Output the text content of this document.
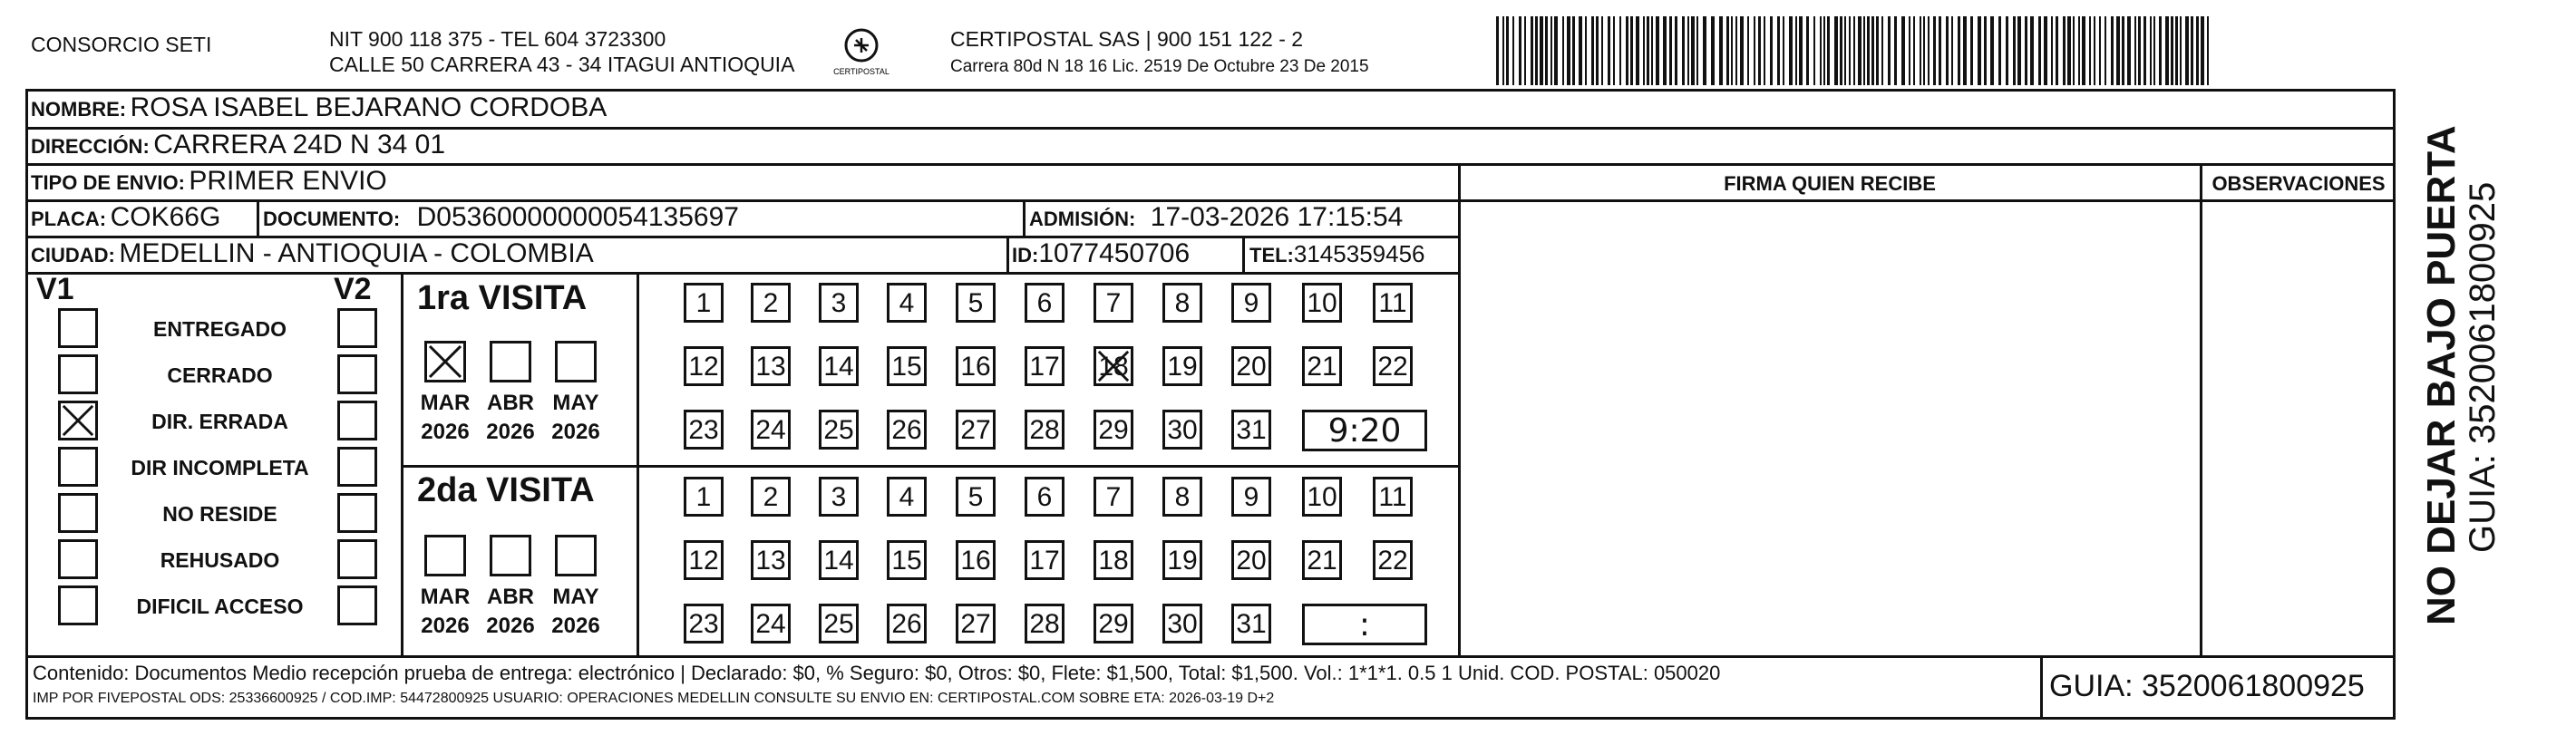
CONSORCIO SETI	NIT 900 118 375 - TEL 604 3723300
CALLE 50 CARRERA 43 - 34 ITAGUI ANTIOQUIA	CERTIPOSTAL
CERTIPOSTAL SAS | 900 151 122 - 2
Carrera 80d N 18 16 Lic. 2519 De Octubre 23 De 2015
NOMBRE: ROSA ISABEL BEJARANO CORDOBA
DIRECCIÓN: CARRERA 24D N 34 01
TIPO DE ENVIO: PRIMER ENVIO
PLACA: COK66G DOCUMENTO: D05360000000054135697	ADMISIÓN: 17-03-2026 17:15:54
CIUDAD: MEDELLIN - ANTIOQUIA - COLOMBIA	ID:1077450706	TEL:3145359456
FIRMA QUIEN RECIBE	OBSERVACIONES
V1	V2
ENTREGADO
CERRADO
DIR. ERRADA
DIR INCOMPLETA
NO RESIDE
REHUSADO
DIFICIL ACCESO
1ra VISITA
MAR
2026
ABR
2026
MAY
2026
1	2	3	4	5	6	7	8	9	10 11
12 13 14 15 16 17 18 19 20 21 22
23 24 25 26 27 28 29 30 31	9:20
2da VISITA
MAR
2026
ABR
2026
MAY
2026
1	2	3	4	5	6	7	8	9	10 11
12 13 14 15 16 17 18 19 20 21 22
23 24 25 26 27 28 29 30 31	:
Contenido: Documentos Medio recepción prueba de entrega: electrónico | Declarado: $0, % Seguro: $0, Otros: $0, Flete: $1,500, Total: $1,500. Vol.: 1*1*1. 0.5 1 Unid. COD. POSTAL: 050020
IMP POR FIVEPOSTAL ODS: 25336600925 / COD.IMP: 54472800925 USUARIO: OPERACIONES MEDELLIN CONSULTE SU ENVIO EN: CERTIPOSTAL.COM SOBRE ETA: 2026-03-19 D+2	GUIA: 3520061800925
NO DEJAR BAJO PUERTA GUIA: 3520061800925
